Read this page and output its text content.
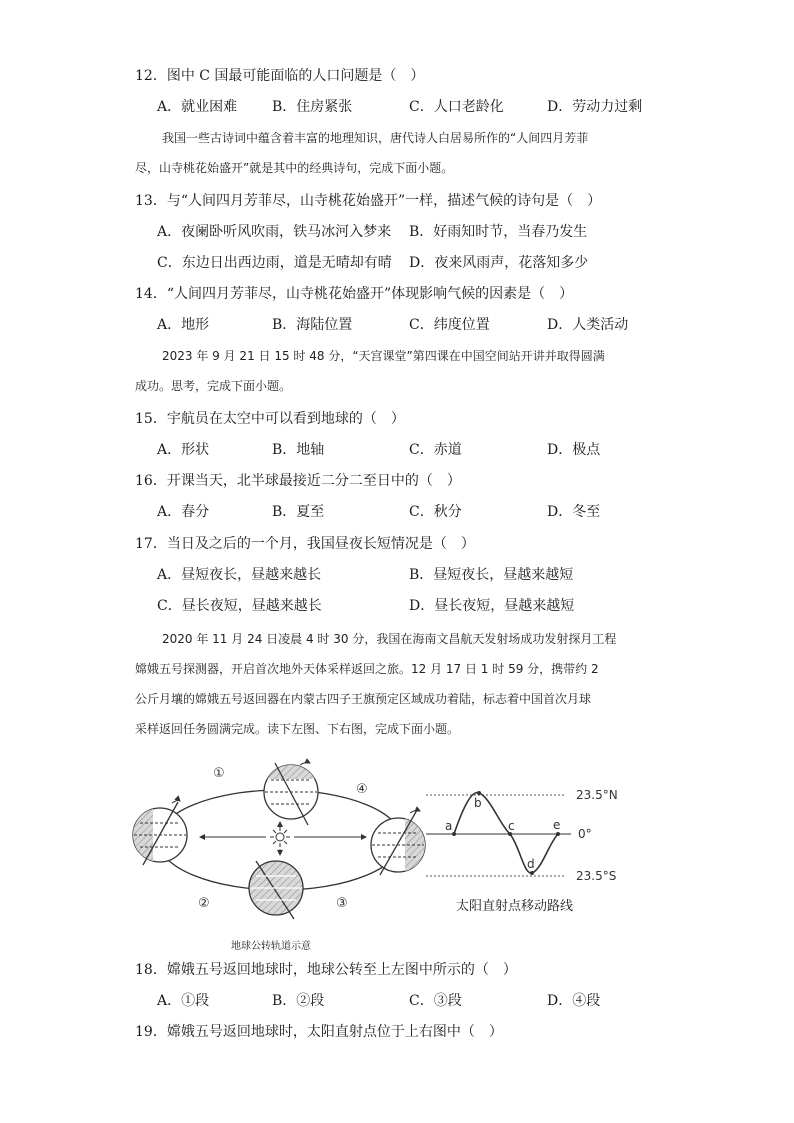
12．图中 C 国最可能面临的人口问题是（　）
A．就业困难 B．住房紧张	C．人口老龄化	D．劳动力过剩
我国一些古诗词中蕴含着丰富的地理知识，唐代诗人白居易所作的“人间四月芳菲
尽，山寺桃花始盛开”就是其中的经典诗句，完成下面小题。
13．与“人间四月芳菲尽，山寺桃花始盛开”一样，描述气候的诗句是（　）
A．夜阑卧听风吹雨，铁马冰河入梦来 B．好雨知时节，当春乃发生
C．东边日出西边雨，道是无晴却有晴 D．夜来风雨声，花落知多少
14．“人间四月芳菲尽，山寺桃花始盛开”体现影响气候的因素是（　）
A．地形	B．海陆位置	C．纬度位置	D．人类活动
2023 年 9 月 21 日 15 时 48 分，“天宫课堂”第四课在中国空间站开讲并取得圆满
成功。思考，完成下面小题。
15．宇航员在太空中可以看到地球的（　）
A．形状	B．地轴	C．赤道	D．极点
16．开课当天，北半球最接近二分二至日中的（　）
A．春分	B．夏至	C．秋分	D．冬至
17．当日及之后的一个月，我国昼夜长短情况是（　）
A．昼短夜长，昼越来越长	B．昼短夜长，昼越来越短
C．昼长夜短，昼越来越长	D．昼长夜短，昼越来越短
2020 年 11 月 24 日凌晨 4 时 30 分，我国在海南文昌航天发射场成功发射探月工程
嫦娥五号探测器，开启首次地外天体采样返回之旅。12 月 17 日 1 时 59 分，携带约 2
公斤月壤的嫦娥五号返回器在内蒙古四子王旗预定区域成功着陆，标志着中国首次月球
采样返回任务圆满完成。读下左图、下右图，完成下面小题。
①
④
②	③
a
b
c
d
e
23.5°N
0°
23.5°S
地球公转轨道示意
太阳直射点移动路线
18．嫦娥五号返回地球时，地球公转至上左图中所示的（　）
A．①段	B．②段	C．③段	D．④段
19．嫦娥五号返回地球时，太阳直射点位于上右图中（　）
